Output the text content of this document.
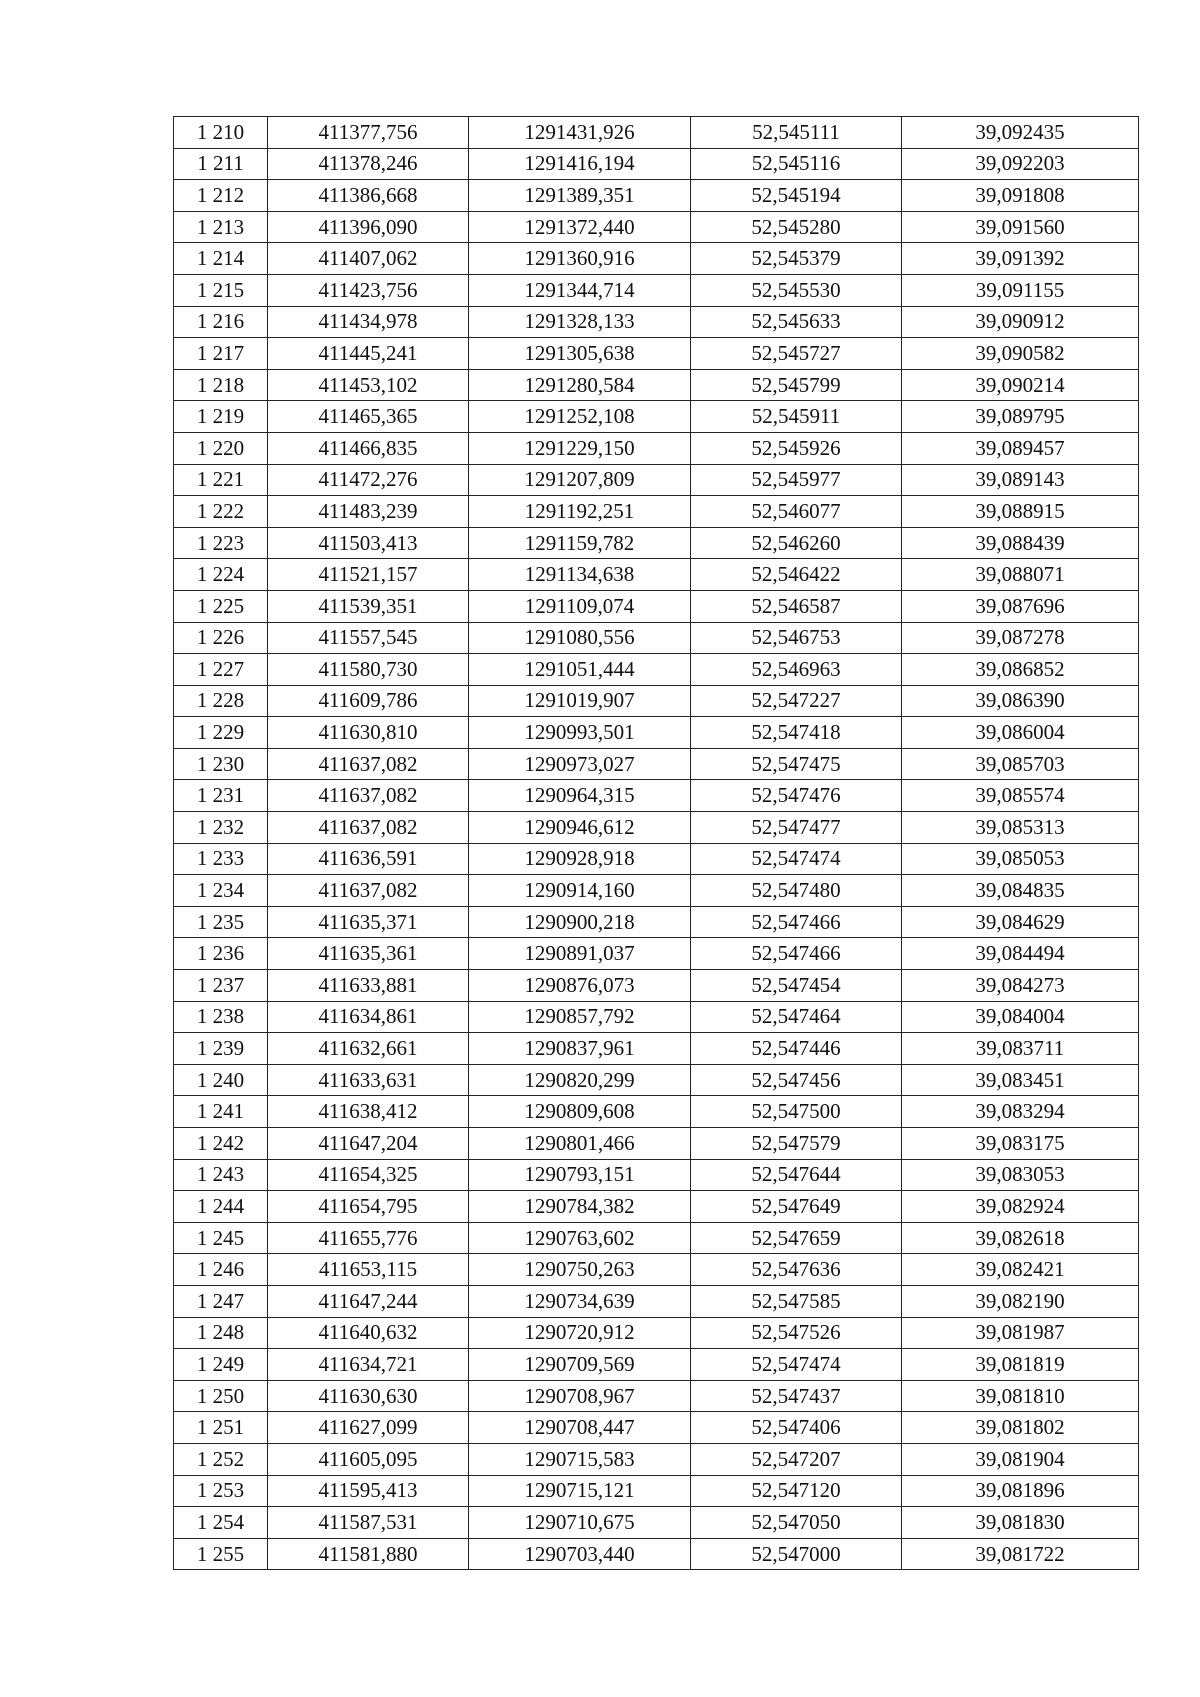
1 210	411377,756	1291431,926	52,545111	39,092435
1 211	411378,246	1291416,194	52,545116	39,092203
1 212	411386,668	1291389,351	52,545194	39,091808
1 213	411396,090	1291372,440	52,545280	39,091560
1 214	411407,062	1291360,916	52,545379	39,091392
1 215	411423,756	1291344,714	52,545530	39,091155
1 216	411434,978	1291328,133	52,545633	39,090912
1 217	411445,241	1291305,638	52,545727	39,090582
1 218	411453,102	1291280,584	52,545799	39,090214
1 219	411465,365	1291252,108	52,545911	39,089795
1 220	411466,835	1291229,150	52,545926	39,089457
1 221	411472,276	1291207,809	52,545977	39,089143
1 222	411483,239	1291192,251	52,546077	39,088915
1 223	411503,413	1291159,782	52,546260	39,088439
1 224	411521,157	1291134,638	52,546422	39,088071
1 225	411539,351	1291109,074	52,546587	39,087696
1 226	411557,545	1291080,556	52,546753	39,087278
1 227	411580,730	1291051,444	52,546963	39,086852
1 228	411609,786	1291019,907	52,547227	39,086390
1 229	411630,810	1290993,501	52,547418	39,086004
1 230	411637,082	1290973,027	52,547475	39,085703
1 231	411637,082	1290964,315	52,547476	39,085574
1 232	411637,082	1290946,612	52,547477	39,085313
1 233	411636,591	1290928,918	52,547474	39,085053
1 234	411637,082	1290914,160	52,547480	39,084835
1 235	411635,371	1290900,218	52,547466	39,084629
1 236	411635,361	1290891,037	52,547466	39,084494
1 237	411633,881	1290876,073	52,547454	39,084273
1 238	411634,861	1290857,792	52,547464	39,084004
1 239	411632,661	1290837,961	52,547446	39,083711
1 240	411633,631	1290820,299	52,547456	39,083451
1 241	411638,412	1290809,608	52,547500	39,083294
1 242	411647,204	1290801,466	52,547579	39,083175
1 243	411654,325	1290793,151	52,547644	39,083053
1 244	411654,795	1290784,382	52,547649	39,082924
1 245	411655,776	1290763,602	52,547659	39,082618
1 246	411653,115	1290750,263	52,547636	39,082421
1 247	411647,244	1290734,639	52,547585	39,082190
1 248	411640,632	1290720,912	52,547526	39,081987
1 249	411634,721	1290709,569	52,547474	39,081819
1 250	411630,630	1290708,967	52,547437	39,081810
1 251	411627,099	1290708,447	52,547406	39,081802
1 252	411605,095	1290715,583	52,547207	39,081904
1 253	411595,413	1290715,121	52,547120	39,081896
1 254	411587,531	1290710,675	52,547050	39,081830
1 255	411581,880	1290703,440	52,547000	39,081722
